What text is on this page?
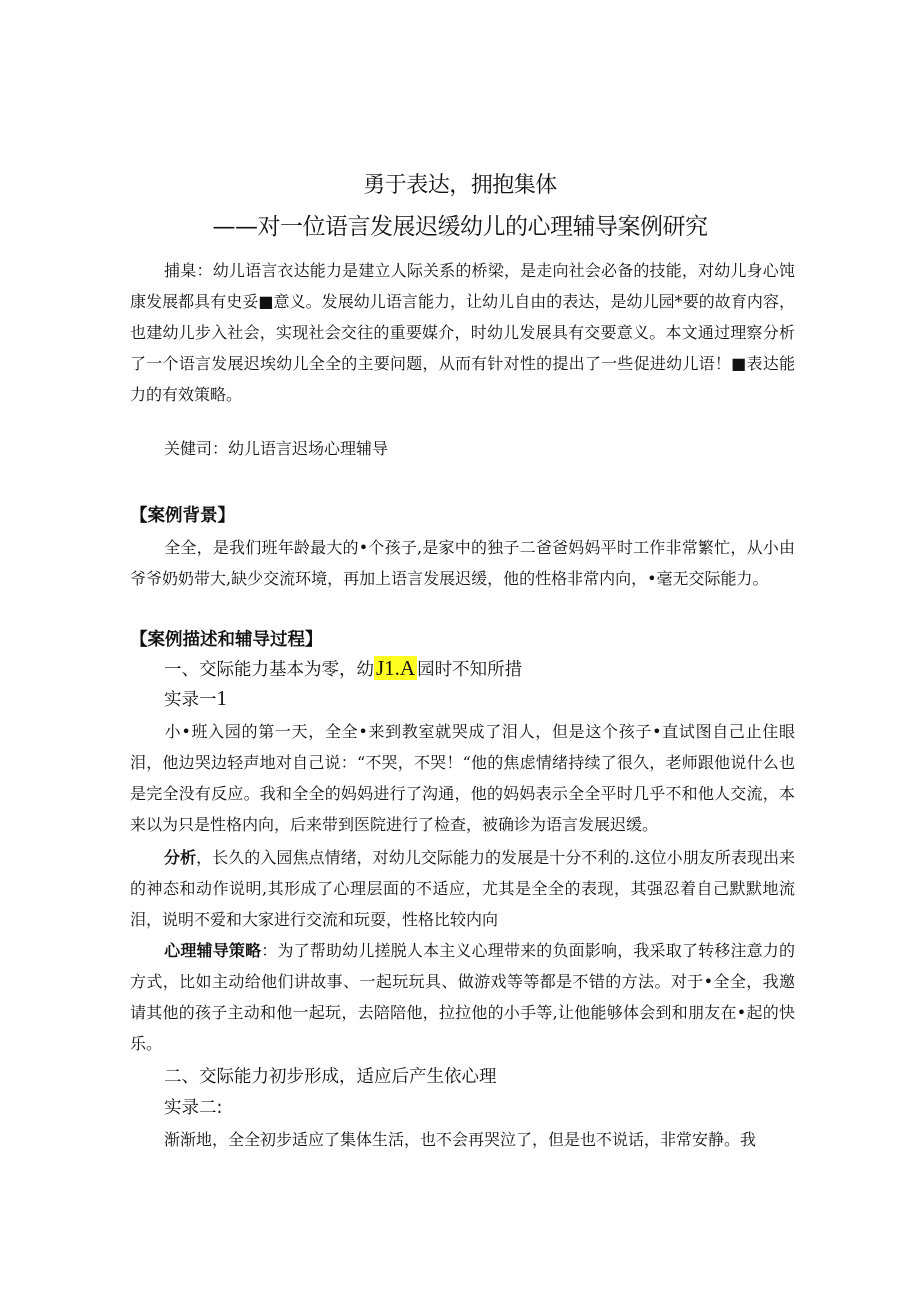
勇于表达，拥抱集体
——对一位语言发展迟缓幼儿的心理辅导案例研究
捕臬：幼儿语言衣达能力是建立人际关系的桥梁，是走向社会必备的技能，对幼儿身心饨康发展都具有史妥■意义。发展幼儿语言能力，让幼儿自由的表达，是幼儿园*要的故育内容，也建幼儿步入社会，实现社会交往的重要媒介，时幼儿发展具有交要意义。本文通过理察分析了一个语言发展迟埃幼儿全全的主要问题，从而有针对性的提出了一些促进幼儿语！■表达能力的有效策略。
关健司：幼儿语言迟场心理辅导
【案例背景】
全全，是我们班年龄最大的•个孩子,是家中的独子二爸爸妈妈平时工作非常繁忙，从小由爷爷奶奶带大,缺少交流环境，再加上语言发展迟缓，他的性格非常内向，•毫无交际能力。
【案例描述和辅导过程】
一、交际能力基本为零，幼J1.A 园时不知所措
实录一1
小•班入园的第一天，全全•来到教室就哭成了泪人，但是这个孩子•直试图自己止住眼泪，他边哭边轻声地对自己说：“不哭，不哭！“他的焦虑情绪持续了很久，老师跟他说什么也是完全没有反应。我和全全的妈妈进行了沟通，他的妈妈表示全全平时几乎不和他人交流，本来以为只是性格内向，后来带到医院进行了检查，被确诊为语言发展迟缓。
分析，长久的入园焦点情绪，对幼儿交际能力的发展是十分不利的.这位小朋友所表现出来的神态和动作说明,其形成了心理层面的不适应，尤其是全全的表现，其强忍着自己默默地流泪，说明不爱和大家进行交流和玩耍，性格比较内向
心理辅导策略：为了帮助幼儿搓脱人本主义心理带来的负面影响，我采取了转移注意力的方式，比如主动给他们讲故事、一起玩玩具、做游戏等等都是不错的方法。对于•全全，我邀请其他的孩子主动和他一起玩，去陪陪他，拉拉他的小手等,让他能够体会到和朋友在•起的快乐。
二、交际能力初步形成，适应后产生依心理
实录二:
渐渐地，全全初步适应了集体生活，也不会再哭泣了，但是也不说话，非常安静。我
